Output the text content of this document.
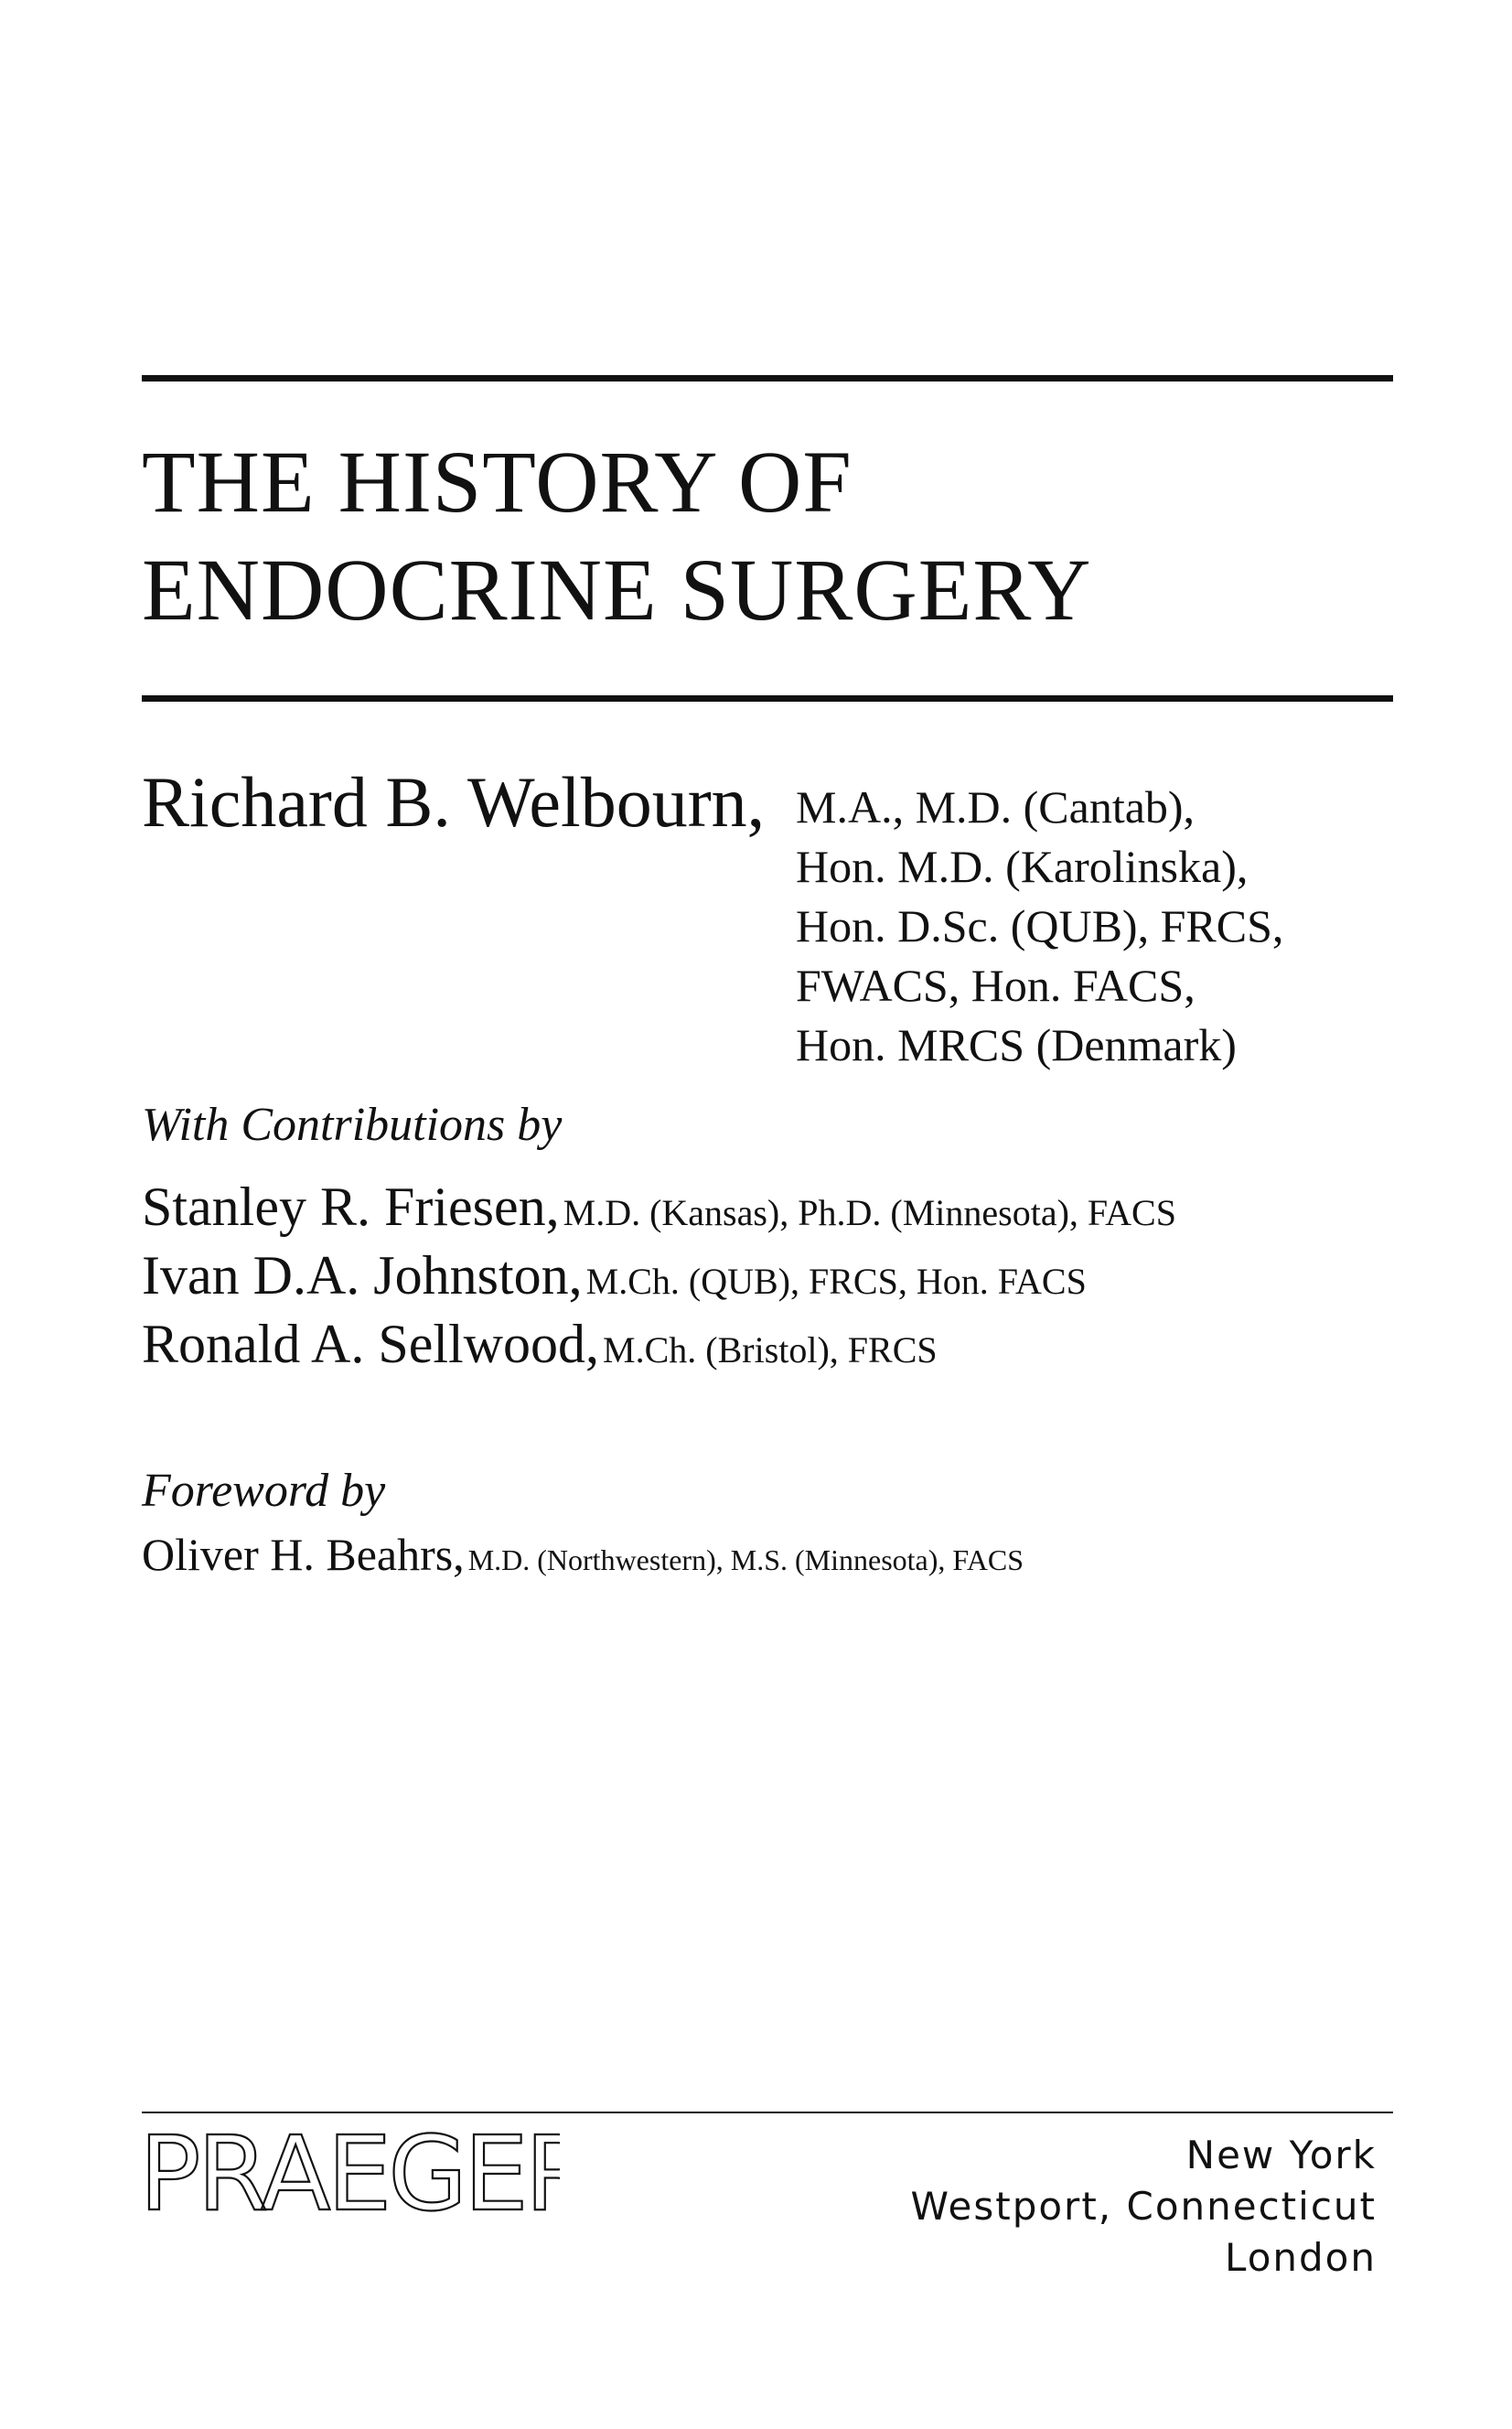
THE HISTORY OF
ENDOCRINE SURGERY
Richard B. Welbourn, M.A., M.D. (Cantab),
Hon. M.D. (Karolinska),
Hon. D.Sc. (QUB), FRCS,
FWACS, Hon. FACS,
Hon. MRCS (Denmark)
With Contributions by
Stanley R. Friesen, M.D. (Kansas), Ph.D. (Minnesota), FACS
Ivan D.A. Johnston, M.Ch. (QUB), FRCS, Hon. FACS
Ronald A. Sellwood, M.Ch. (Bristol), FRCS
Foreword by
Oliver H. Beahrs, M.D. (Northwestern), M.S. (Minnesota), FACS
PRAEGER	New York
Westport, Connecticut
London
